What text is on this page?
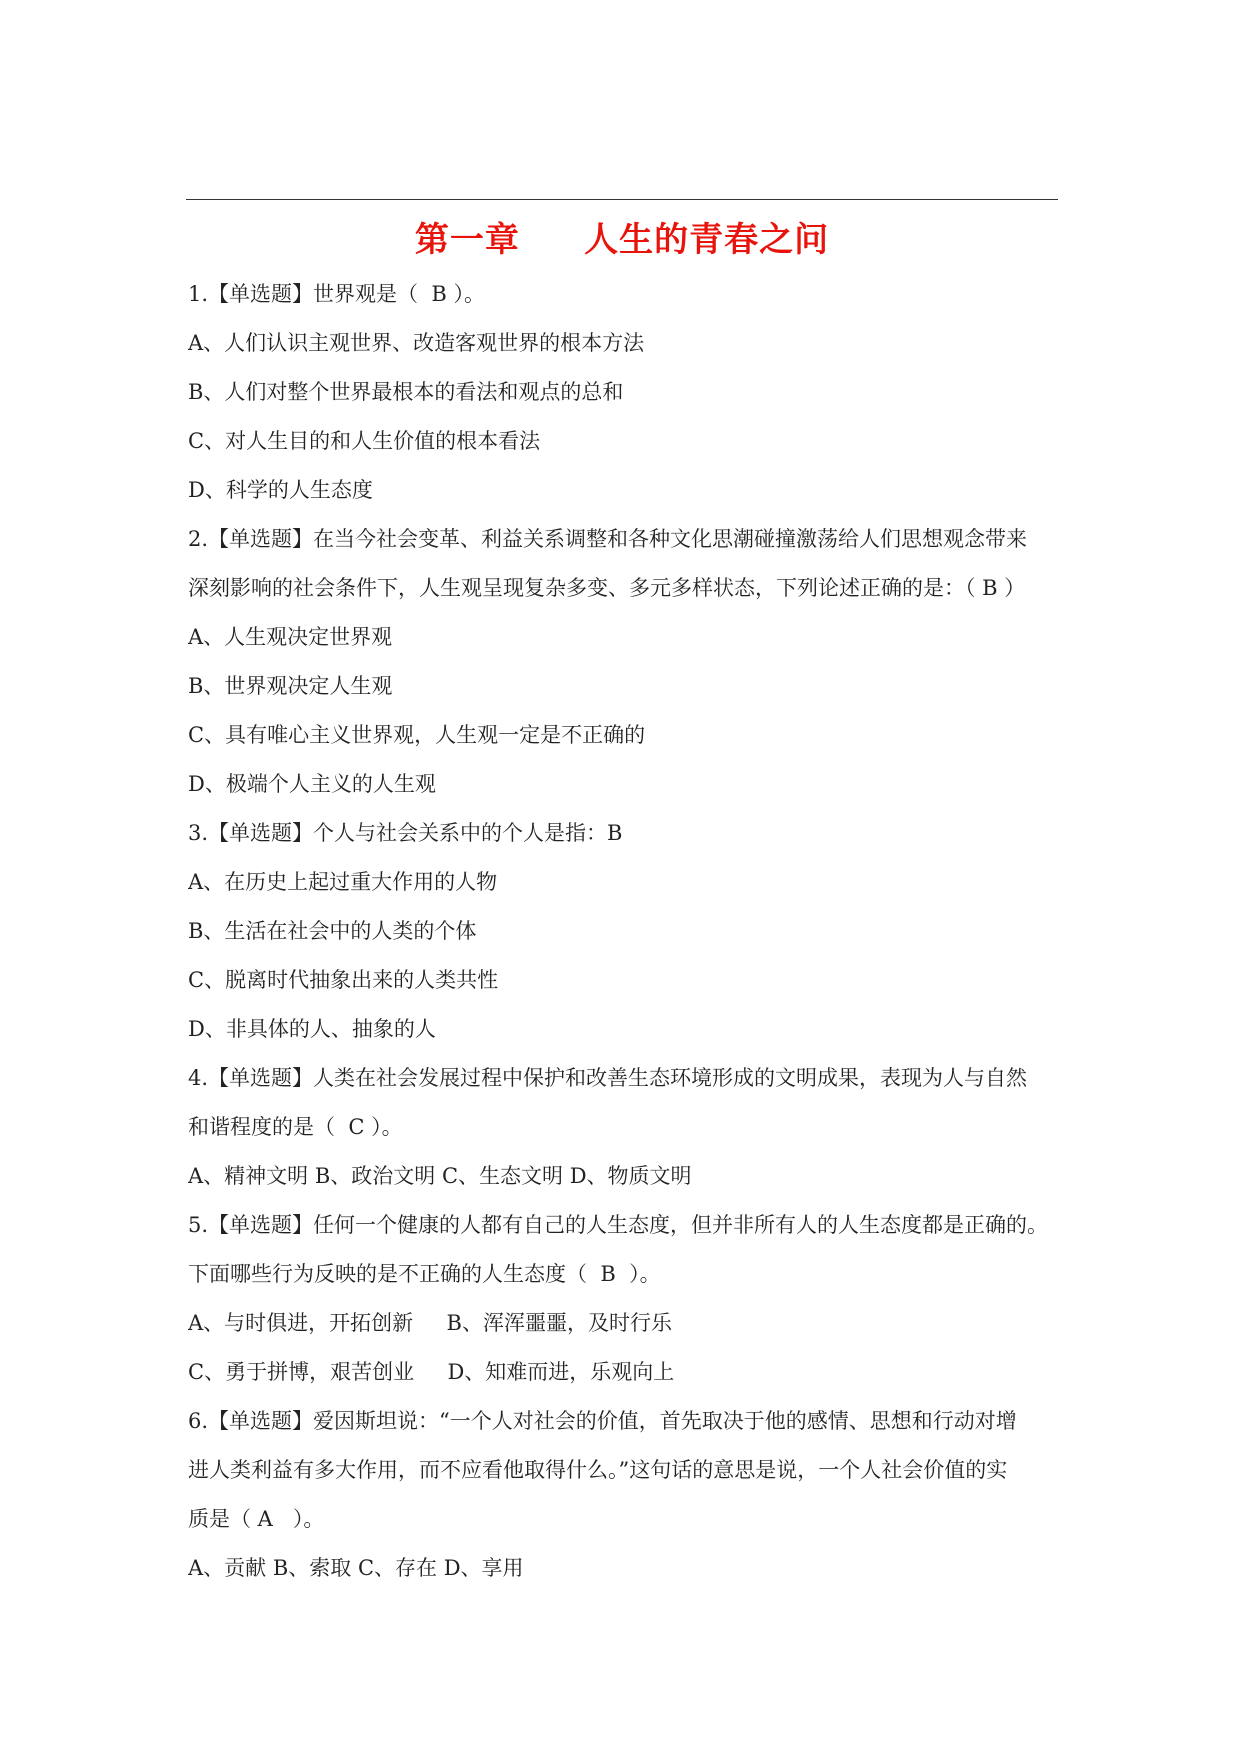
第一章     人生的青春之问
1.【单选题】世界观是（  B ）。
A、人们认识主观世界、改造客观世界的根本方法
B、人们对整个世界最根本的看法和观点的总和
C、对人生目的和人生价值的根本看法
D、科学的人生态度
2.【单选题】在当今社会变革、利益关系调整和各种文化思潮碰撞激荡给人们思想观念带来
深刻影响的社会条件下，人生观呈现复杂多变、多元多样状态，下列论述正确的是：（ B ）
A、人生观决定世界观
B、世界观决定人生观
C、具有唯心主义世界观，人生观一定是不正确的
D、极端个人主义的人生观
3.【单选题】个人与社会关系中的个人是指：B
A、在历史上起过重大作用的人物
B、生活在社会中的人类的个体
C、脱离时代抽象出来的人类共性
D、非具体的人、抽象的人
4.【单选题】人类在社会发展过程中保护和改善生态环境形成的文明成果，表现为人与自然
和谐程度的是（  C ）。
A、精神文明 B、政治文明 C、生态文明 D、物质文明
5.【单选题】任何一个健康的人都有自己的人生态度，但并非所有人的人生态度都是正确的。
下面哪些行为反映的是不正确的人生态度（  B  ）。
A、与时俱进，开拓创新     B、浑浑噩噩，及时行乐
C、勇于拼博，艰苦创业     D、知难而进，乐观向上
6.【单选题】爱因斯坦说：“一个人对社会的价值，首先取决于他的感情、思想和行动对增
进人类利益有多大作用，而不应看他取得什么。”这句话的意思是说，一个人社会价值的实
质是（ A   ）。
A、贡献 B、索取 C、存在 D、享用
